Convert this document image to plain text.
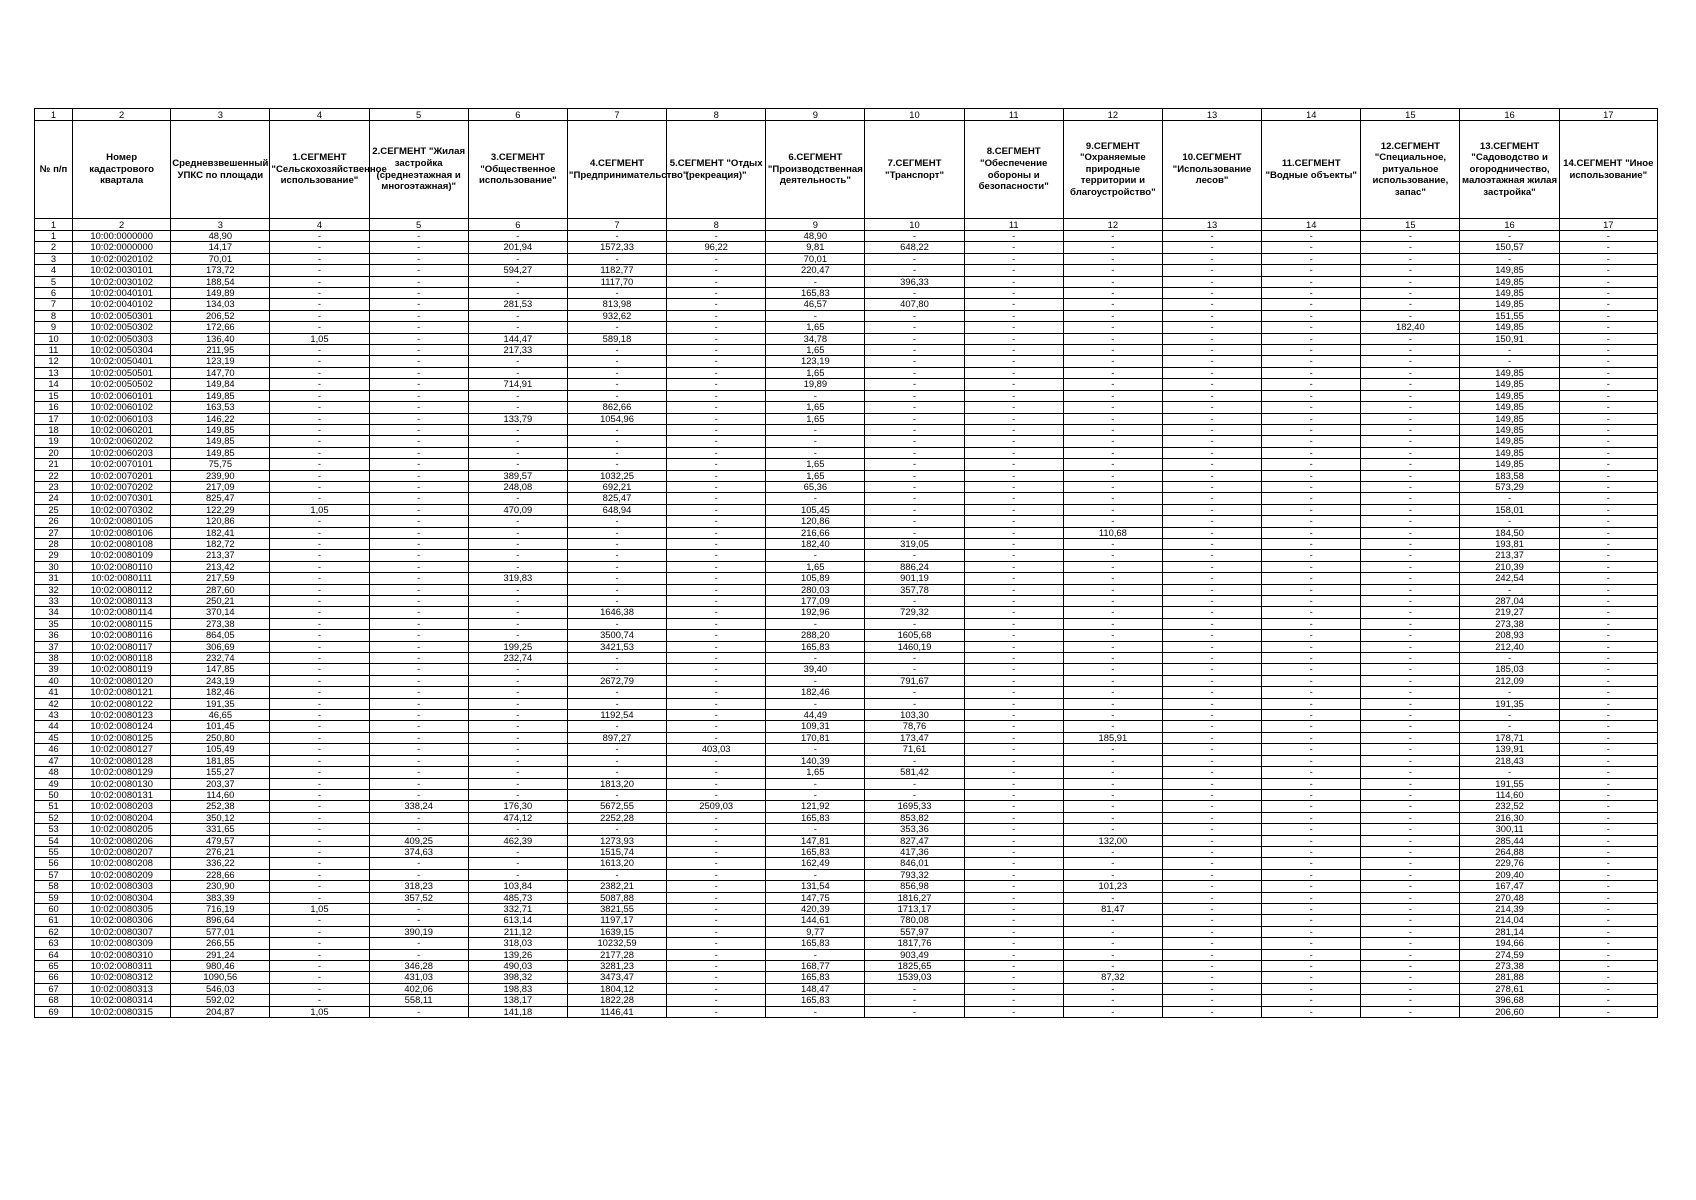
1	2	3	4	5	6	7	8	9	10	11	12	13	14	15	16	17
№ п/п	Номер кадастрового квартала	Средневзвешенный УПКС по площади	1.СЕГМЕНТ "Сельскохозяйственное использование"	2.СЕГМЕНТ "Жилая застройка (среднеэтажная и многоэтажная)"	3.СЕГМЕНТ "Общественное использование"	4.СЕГМЕНТ "Предпринимательство"	5.СЕГМЕНТ "Отдых (рекреация)"	6.СЕГМЕНТ "Производственная деятельность"	7.СЕГМЕНТ "Транспорт"	8.СЕГМЕНТ "Обеспечение обороны и безопасности"	9.СЕГМЕНТ "Охраняемые природные территории и благоустройство"	10.СЕГМЕНТ "Использование лесов"	11.СЕГМЕНТ "Водные объекты"	12.СЕГМЕНТ "Специальное, ритуальное использование, запас"	13.СЕГМЕНТ "Садоводство и огородничество, малоэтажная жилая застройка"	14.СЕГМЕНТ "Иное использование"
1	2	3	4	5	6	7	8	9	10	11	12	13	14	15	16	17
1	10:00:0000000	48,90	-	-	-	-	-	48,90	-	-	-	-	-	-	-	-
2	10:02:0000000	14,17	-	-	201,94	1572,33	96,22	9,81	648,22	-	-	-	-	-	150,57	-
3	10:02:0020102	70,01	-	-	-	-	-	70,01	-	-	-	-	-	-	-	-
4	10:02:0030101	173,72	-	-	594,27	1182,77	-	220,47	-	-	-	-	-	-	149,85	-
5	10:02:0030102	188,54	-	-	-	1117,70	-	-	396,33	-	-	-	-	-	149,85	-
6	10:02:0040101	149,89	-	-	-	-	-	165,83	-	-	-	-	-	-	149,85	-
7	10:02:0040102	134,03	-	-	281,53	813,98	-	46,57	407,80	-	-	-	-	-	149,85	-
8	10:02:0050301	206,52	-	-	-	932,62	-	-	-	-	-	-	-	-	151,55	-
9	10:02:0050302	172,66	-	-	-	-	-	1,65	-	-	-	-	-	182,40	149,85	-
10	10:02:0050303	136,40	1,05	-	144,47	589,18	-	34,78	-	-	-	-	-	-	150,91	-
11	10:02:0050304	211,95	-	-	217,33	-	-	1,65	-	-	-	-	-	-	-	-
12	10:02:0050401	123,19	-	-	-	-	-	123,19	-	-	-	-	-	-	-	-
13	10:02:0050501	147,70	-	-	-	-	-	1,65	-	-	-	-	-	-	149,85	-
14	10:02:0050502	149,84	-	-	714,91	-	-	19,89	-	-	-	-	-	-	149,85	-
15	10:02:0060101	149,85	-	-	-	-	-	-	-	-	-	-	-	-	149,85	-
16	10:02:0060102	163,53	-	-	-	862,66	-	1,65	-	-	-	-	-	-	149,85	-
17	10:02:0060103	146,22	-	-	133,79	1054,96	-	1,65	-	-	-	-	-	-	149,85	-
18	10:02:0060201	149,85	-	-	-	-	-	-	-	-	-	-	-	-	149,85	-
19	10:02:0060202	149,85	-	-	-	-	-	-	-	-	-	-	-	-	149,85	-
20	10:02:0060203	149,85	-	-	-	-	-	-	-	-	-	-	-	-	149,85	-
21	10:02:0070101	75,75	-	-	-	-	-	1,65	-	-	-	-	-	-	149,85	-
22	10:02:0070201	239,90	-	-	389,57	1032,25	-	1,65	-	-	-	-	-	-	183,58	-
23	10:02:0070202	217,09	-	-	248,08	692,21	-	65,36	-	-	-	-	-	-	573,29	-
24	10:02:0070301	825,47	-	-	-	825,47	-	-	-	-	-	-	-	-	-	-
25	10:02:0070302	122,29	1,05	-	470,09	648,94	-	105,45	-	-	-	-	-	-	158,01	-
26	10:02:0080105	120,86	-	-	-	-	-	120,86	-	-	-	-	-	-	-	-
27	10:02:0080106	182,41	-	-	-	-	-	216,66	-	-	110,68	-	-	-	184,50	-
28	10:02:0080108	182,72	-	-	-	-	-	182,40	319,05	-	-	-	-	-	193,81	-
29	10:02:0080109	213,37	-	-	-	-	-	-	-	-	-	-	-	-	213,37	-
30	10:02:0080110	213,42	-	-	-	-	-	1,65	886,24	-	-	-	-	-	210,39	-
31	10:02:0080111	217,59	-	-	319,83	-	-	105,89	901,19	-	-	-	-	-	242,54	-
32	10:02:0080112	287,60	-	-	-	-	-	280,03	357,78	-	-	-	-	-	-	-
33	10:02:0080113	250,21	-	-	-	-	-	177,09	-	-	-	-	-	-	287,04	-
34	10:02:0080114	370,14	-	-	-	1646,38	-	192,96	729,32	-	-	-	-	-	219,27	-
35	10:02:0080115	273,38	-	-	-	-	-	-	-	-	-	-	-	-	273,38	-
36	10:02:0080116	864,05	-	-	-	3500,74	-	288,20	1605,68	-	-	-	-	-	208,93	-
37	10:02:0080117	306,69	-	-	199,25	3421,53	-	165,83	1460,19	-	-	-	-	-	212,40	-
38	10:02:0080118	232,74	-	-	232,74	-	-	-	-	-	-	-	-	-	-	-
39	10:02:0080119	147,85	-	-	-	-	-	39,40	-	-	-	-	-	-	185,03	-
40	10:02:0080120	243,19	-	-	-	2672,79	-	-	791,67	-	-	-	-	-	212,09	-
41	10:02:0080121	182,46	-	-	-	-	-	182,46	-	-	-	-	-	-	-	-
42	10:02:0080122	191,35	-	-	-	-	-	-	-	-	-	-	-	-	191,35	-
43	10:02:0080123	46,65	-	-	-	1192,54	-	44,49	103,30	-	-	-	-	-	-	-
44	10:02:0080124	101,45	-	-	-	-	-	109,31	78,76	-	-	-	-	-	-	-
45	10:02:0080125	250,80	-	-	-	897,27	-	170,81	173,47	-	185,91	-	-	-	178,71	-
46	10:02:0080127	105,49	-	-	-	-	403,03	-	71,61	-	-	-	-	-	139,91	-
47	10:02:0080128	181,85	-	-	-	-	-	140,39	-	-	-	-	-	-	218,43	-
48	10:02:0080129	155,27	-	-	-	-	-	1,65	581,42	-	-	-	-	-	-	-
49	10:02:0080130	203,37	-	-	-	1813,20	-	-	-	-	-	-	-	-	191,55	-
50	10:02:0080131	114,60	-	-	-	-	-	-	-	-	-	-	-	-	114,60	-
51	10:02:0080203	252,38	-	338,24	176,30	5672,55	2509,03	121,92	1695,33	-	-	-	-	-	232,52	-
52	10:02:0080204	350,12	-	-	474,12	2252,28	-	165,83	853,82	-	-	-	-	-	216,30	-
53	10:02:0080205	331,65	-	-	-	-	-	-	353,36	-	-	-	-	-	300,11	-
54	10:02:0080206	479,57	-	409,25	462,39	1273,93	-	147,81	827,47	-	132,00	-	-	-	285,44	-
55	10:02:0080207	276,21	-	374,63	-	1515,74	-	165,83	417,36	-	-	-	-	-	264,88	-
56	10:02:0080208	336,22	-	-	-	1613,20	-	162,49	846,01	-	-	-	-	-	229,76	-
57	10:02:0080209	228,66	-	-	-	-	-	-	793,32	-	-	-	-	-	209,40	-
58	10:02:0080303	230,90	-	318,23	103,84	2382,21	-	131,54	856,98	-	101,23	-	-	-	167,47	-
59	10:02:0080304	383,39	-	357,52	485,73	5087,88	-	147,75	1816,27	-	-	-	-	-	270,48	-
60	10:02:0080305	716,19	1,05	-	332,71	3821,55	-	420,39	1713,17	-	81,47	-	-	-	214,39	-
61	10:02:0080306	896,64	-	-	613,14	1197,17	-	144,61	780,08	-	-	-	-	-	214,04	-
62	10:02:0080307	577,01	-	390,19	211,12	1639,15	-	9,77	557,97	-	-	-	-	-	281,14	-
63	10:02:0080309	266,55	-	-	318,03	10232,59	-	165,83	1817,76	-	-	-	-	-	194,66	-
64	10:02:0080310	291,24	-	-	139,26	2177,28	-	-	903,49	-	-	-	-	-	274,59	-
65	10:02:0080311	980,46	-	346,28	490,03	3281,23	-	168,77	1825,65	-	-	-	-	-	273,38	-
66	10:02:0080312	1090,56	-	431,03	398,32	3473,47	-	165,83	1539,03	-	87,32	-	-	-	281,88	-
67	10:02:0080313	546,03	-	402,06	198,83	1804,12	-	148,47	-	-	-	-	-	-	278,61	-
68	10:02:0080314	592,02	-	558,11	138,17	1822,28	-	165,83	-	-	-	-	-	-	396,68	-
69	10:02:0080315	204,87	1,05	-	141,18	1146,41	-	-	-	-	-	-	-	-	206,60	-
